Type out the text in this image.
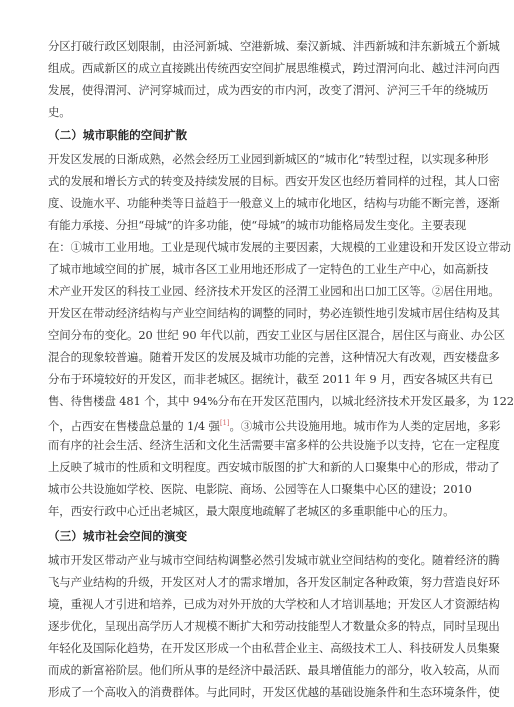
分区打破行政区划限制，由泾河新城、空港新城、秦汉新城、沣西新城和沣东新城五个新城
组成。西咸新区的成立直接跳出传统西安空间扩展思维模式，跨过渭河向北、越过沣河向西
发展，使得渭河、浐河穿城而过，成为西安的市内河，改变了渭河、浐河三千年的绕城历
史。
（二）城市职能的空间扩散
开发区发展的日渐成熟，必然会经历工业园到新城区的“城市化”转型过程，以实现多种形
式的发展和增长方式的转变及持续发展的目标。西安开发区也经历着同样的过程，其人口密
度、设施水平、功能种类等日益趋于一般意义上的城市化地区，结构与功能不断完善，逐渐
有能力承接、分担“母城”的许多功能，使“母城”的城市功能格局发生变化。主要表现
在：①城市工业用地。工业是现代城市发展的主要因素，大规模的工业建设和开发区设立带动
了城市地域空间的扩展，城市各区工业用地还形成了一定特色的工业生产中心，如高新技
术产业开发区的科技工业园、经济技术开发区的泾渭工业园和出口加工区等。②居住用地。
开发区在带动经济结构与产业空间结构的调整的同时，势必连锁性地引发城市居住结构及其
空间分布的变化。20 世纪 90 年代以前，西安工业区与居住区混合，居住区与商业、办公区
混合的现象较普遍。随着开发区的发展及城市功能的完善，这种情况大有改观，西安楼盘多
分布于环境较好的开发区，而非老城区。据统计，截至 2011 年 9 月，西安各城区共有已
售、待售楼盘 481 个，其中 94%分布在开发区范围内，以城北经济技术开发区最多，为 122
个，占西安在售楼盘总量的 1/4 强[1]。③城市公共设施用地。城市作为人类的定居地，多彩
而有序的社会生活、经济生活和文化生活需要丰富多样的公共设施予以支持，它在一定程度
上反映了城市的性质和文明程度。西安城市版图的扩大和新的人口聚集中心的形成，带动了
城市公共设施如学校、医院、电影院、商场、公园等在人口聚集中心区的建设；2010
年，西安行政中心迁出老城区，最大限度地疏解了老城区的多重职能中心的压力。
（三）城市社会空间的演变
城市开发区带动产业与城市空间结构调整必然引发城市就业空间结构的变化。随着经济的腾
飞与产业结构的升级，开发区对人才的需求增加，各开发区制定各种政策，努力营造良好环
境，重视人才引进和培养，已成为对外开放的大学校和人才培训基地；开发区人才资源结构
逐步优化，呈现出高学历人才规模不断扩大和劳动技能型人才数量众多的特点，同时呈现出
年轻化及国际化趋势，在开发区形成一个由私营企业主、高级技术工人、科技研发人员集聚
而成的新富裕阶层。他们所从事的是经济中最活跃、最具增值能力的部分，收入较高，从而
形成了一个高收入的消费群体。与此同时，开发区优越的基础设施条件和生态环境条件，使
